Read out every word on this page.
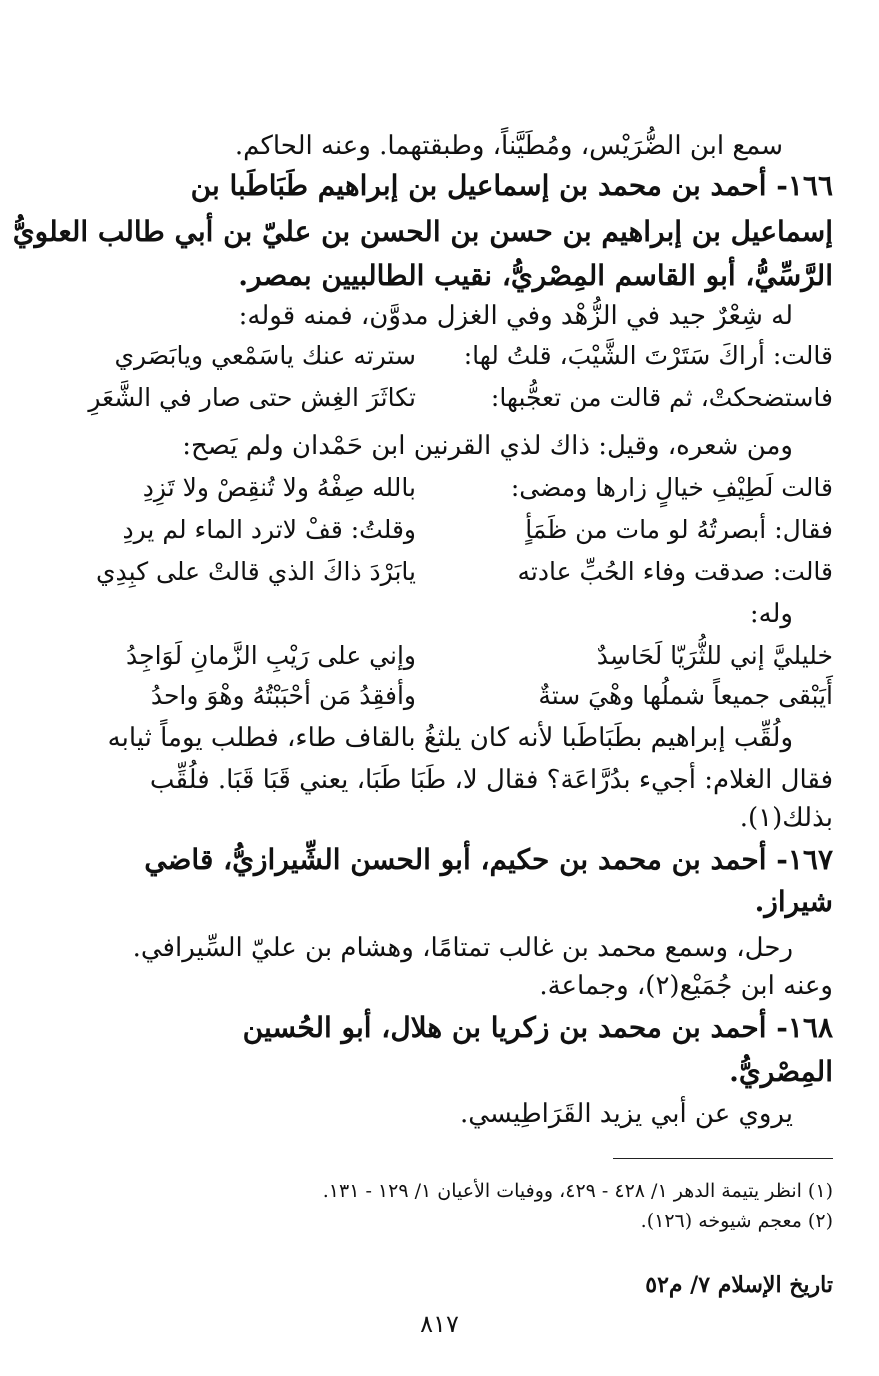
سمع ابن الضُّرَيْس، ومُطَيَّناً، وطبقتهما. وعنه الحاكم.
١٦٦- أحمد بن محمد بن إسماعيل بن إبراهيم طَبَاطَبا بن
إسماعيل بن إبراهيم بن حسن بن الحسن بن عليّ بن أبي طالب العلويُّ
الرَّسِّيُّ، أبو القاسم المِصْريُّ، نقيب الطالبيين بمصر.
له شِعْرٌ جيد في الزُّهْد وفي الغزل مدوَّن، فمنه قوله:
قالت: أراكَ سَتَرْتَ الشَّيْبَ، قلتُ لها:
سترته عنك ياسَمْعي ويابَصَري
فاستضحكتْ، ثم قالت من تعجُّبها:
تكاثَرَ الغِش حتى صار في الشَّعَرِ
ومن شعره، وقيل: ذاك لذي القرنين ابن حَمْدان ولم يَصح:
قالت لَطِيْفِ خيالٍ زارها ومضى:
بالله صِفْهُ ولا تُنقِصْ ولا تَزِدِ
فقال: أبصرتُهُ لو مات من ظَمَأٍ
وقلتُ: قفْ لاترد الماء لم يردِ
قالت: صدقت وفاء الحُبِّ عادته
يابَرْدَ ذاكَ الذي قالتْ على كبِدِي
وله:
خليليَّ إني للثُّرَيّا لَحَاسِدٌ
وإني على رَيْبِ الزَّمانِ لَوَاجِدُ
أَيَبْقى جميعاً شملُها وهْيَ ستةٌ
وأفقِدُ مَن أحْبَبْتُهُ وهْوَ واحدُ
ولُقِّب إبراهيم بطَبَاطَبا لأنه كان يلثغُ بالقاف طاء، فطلب يوماً ثيابه
فقال الغلام: أجيء بدُرَّاعَة؟ فقال لا، طَبَا طَبَا، يعني قَبَا قَبَا. فلُقِّب
بذلك(١).
١٦٧- أحمد بن محمد بن حكيم، أبو الحسن الشِّيرازيُّ، قاضي
شيراز.
رحل، وسمع محمد بن غالب تمتامًا، وهشام بن عليّ السِّيرافي.
وعنه ابن جُمَيْع(٢)، وجماعة.
١٦٨- أحمد بن محمد بن زكريا بن هلال، أبو الحُسين
المِصْريُّ.
يروي عن أبي يزيد القَرَاطِيسي.
(١) انظر يتيمة الدهر ١/ ٤٢٨ - ٤٢٩، ووفيات الأعيان ١/ ١٢٩ - ١٣١.
(٢) معجم شيوخه (١٢٦).
تاريخ الإسلام ٧/ م٥٢
٨١٧
